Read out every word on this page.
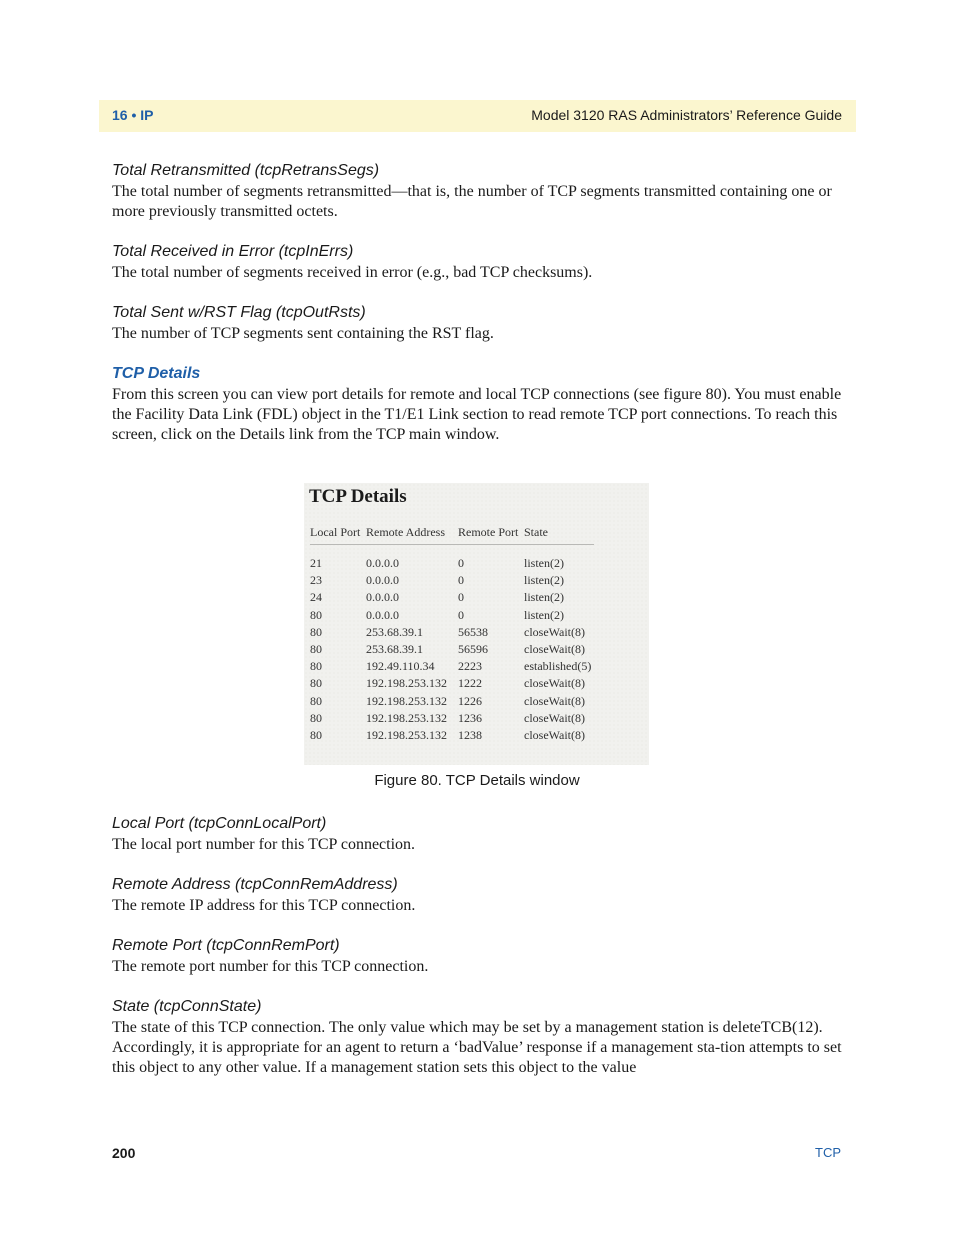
16 • IP	Model 3120 RAS Administrators’ Reference Guide

Total Retransmitted (tcpRetransSegs)

The total number of segments retransmitted—that is, the number of TCP segments transmitted containing one or more previously transmitted octets.

Total Received in Error (tcpInErrs)

The total number of segments received in error (e.g., bad TCP checksums).

Total Sent w/RST Flag (tcpOutRsts)

The number of TCP segments sent containing the RST flag.

TCP Details

From this screen you can view port details for remote and local TCP connections (see figure 80). You must enable the Facility Data Link (FDL) object in the T1/E1 Link section to read remote TCP port connections. To reach this screen, click on the Details link from the TCP main window.

TCP Details
Local Port	Remote Address	Remote Port	State
21	0.0.0.0	0	listen(2)
23	0.0.0.0	0	listen(2)
24	0.0.0.0	0	listen(2)
80	0.0.0.0	0	listen(2)
80	253.68.39.1	56538	closeWait(8)
80	253.68.39.1	56596	closeWait(8)
80	192.49.110.34	2223	established(5)
80	192.198.253.132	1222	closeWait(8)
80	192.198.253.132	1226	closeWait(8)
80	192.198.253.132	1236	closeWait(8)
80	192.198.253.132	1238	closeWait(8)
Figure 80. TCP Details window

Local Port (tcpConnLocalPort)

The local port number for this TCP connection.

Remote Address (tcpConnRemAddress)

The remote IP address for this TCP connection.

Remote Port (tcpConnRemPort)

The remote port number for this TCP connection.

State (tcpConnState)

The state of this TCP connection. The only value which may be set by a management station is deleteTCB(12). Accordingly, it is appropriate for an agent to return a ‘badValue’ response if a management sta-tion attempts to set this object to any other value. If a management station sets this object to the value

200	TCP
